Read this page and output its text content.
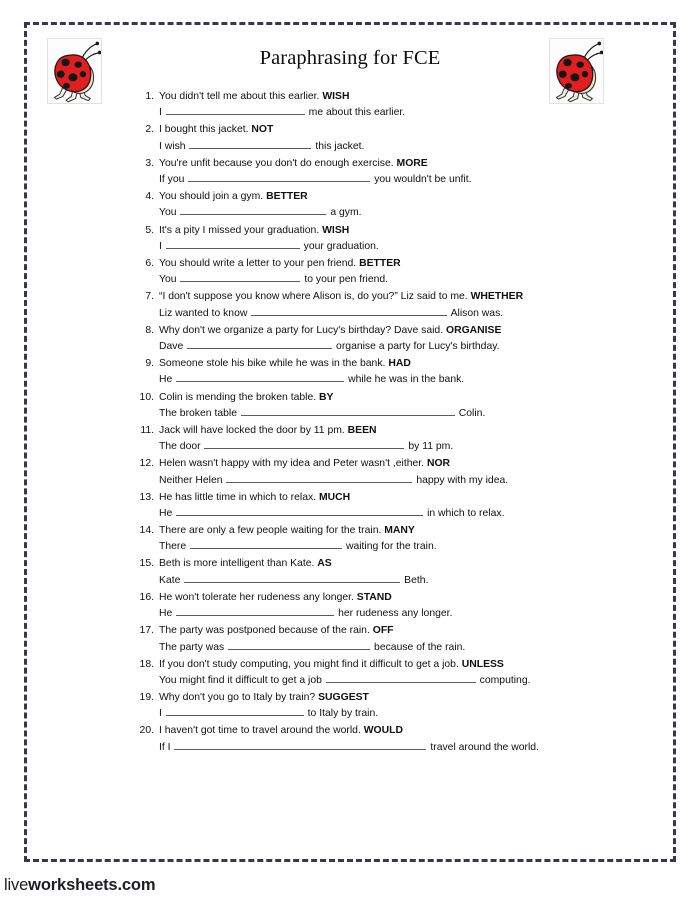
Paraphrasing for FCE
1. You didn't tell me about this earlier. WISH
I	me about this earlier.
2. I bought this jacket. NOT
I wish	this jacket.
3. You're unfit because you don't do enough exercise. MORE
If you	you wouldn't be unfit.
4. You should join a gym. BETTER
You	a gym.
5. It's a pity I missed your graduation. WISH
I	your graduation.
6. You should write a letter to your pen friend. BETTER
You	to your pen friend.
7. “I don't suppose you know where Alison is, do you?” Liz said to me. WHETHER
Liz wanted to know	Alison was.
8. Why don't we organize a party for Lucy's birthday? Dave said. ORGANISE
Dave	organise a party for Lucy's birthday.
9. Someone stole his bike while he was in the bank. HAD
He	while he was in the bank.
10. Colin is mending the broken table. BY
The broken table	Colin.
11. Jack will have locked the door by 11 pm. BEEN
The door	by 11 pm.
12. Helen wasn't happy with my idea and Peter wasn't ,either. NOR
Neither Helen	happy with my idea.
13. He has little time in which to relax. MUCH
He	in which to relax.
14. There are only a few people waiting for the train. MANY
There	waiting for the train.
15. Beth is more intelligent than Kate. AS
Kate	Beth.
16. He won't tolerate her rudeness any longer. STAND
He	her rudeness any longer.
17. The party was postponed because of the rain. OFF
The party was	because of the rain.
18. If you don't study computing, you might find it difficult to get a job. UNLESS
You might find it difficult to get a job	computing.
19. Why don't you go to Italy by train? SUGGEST
I	to Italy by train.
20. I haven't got time to travel around the world. WOULD
If I	travel around the world.
liveworksheets.com
